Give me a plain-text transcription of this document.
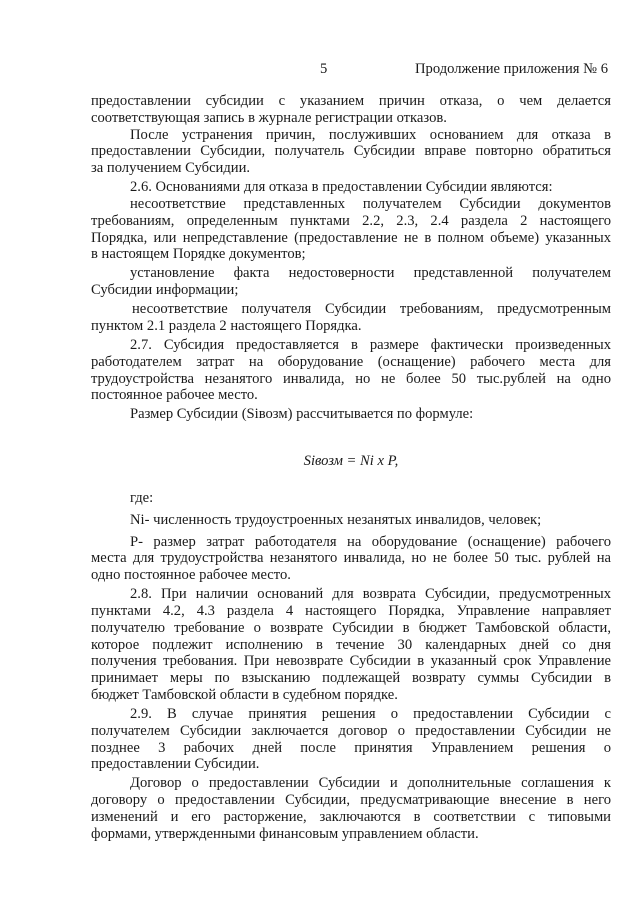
5	Продолжение приложения № 6
предоставлении субсидии с указанием причин отказа, о чем делается
соответствующая запись в журнале регистрации отказов.
После устранения причин, послуживших основанием для отказа в
предоставлении Субсидии, получатель Субсидии вправе повторно обратиться
за получением Субсидии.
2.6. Основаниями для отказа в предоставлении Субсидии являются:
несоответствие представленных получателем Субсидии документов
требованиям, определенным пунктами 2.2, 2.3, 2.4 раздела 2 настоящего
Порядка, или непредставление (предоставление не в полном объеме) указанных
в настоящем Порядке документов;
установление факта недостоверности представленной получателем
Субсидии информации;
несоответствие получателя Субсидии требованиям, предусмотренным
пунктом 2.1 раздела 2 настоящего Порядка.
2.7. Субсидия предоставляется в размере фактически произведенных
работодателем затрат на оборудование (оснащение) рабочего места для
трудоустройства незанятого инвалида, но не более 50 тыс.рублей на одно
постоянное рабочее место.
Размер Субсидии (Siвозм) рассчитывается по формуле:
Siвозм = Ni x P,
где:
Ni- численность трудоустроенных незанятых инвалидов, человек;
P- размер затрат работодателя на оборудование (оснащение) рабочего
места для трудоустройства незанятого инвалида, но не более 50 тыс. рублей на
одно постоянное рабочее место.
2.8. При наличии оснований для возврата Субсидии, предусмотренных
пунктами 4.2, 4.3 раздела 4 настоящего Порядка, Управление направляет
получателю требование о возврате Субсидии в бюджет Тамбовской области,
которое подлежит исполнению в течение 30 календарных дней со дня
получения требования. При невозврате Субсидии в указанный срок Управление
принимает меры по взысканию подлежащей возврату суммы Субсидии в
бюджет Тамбовской области в судебном порядке.
2.9. В случае принятия решения о предоставлении Субсидии с
получателем Субсидии заключается договор о предоставлении Субсидии не
позднее 3 рабочих дней после принятия Управлением решения о
предоставлении Субсидии.
Договор о предоставлении Субсидии и дополнительные соглашения к
договору о предоставлении Субсидии, предусматривающие внесение в него
изменений и его расторжение, заключаются в соответствии с типовыми
формами, утвержденными финансовым управлением области.
